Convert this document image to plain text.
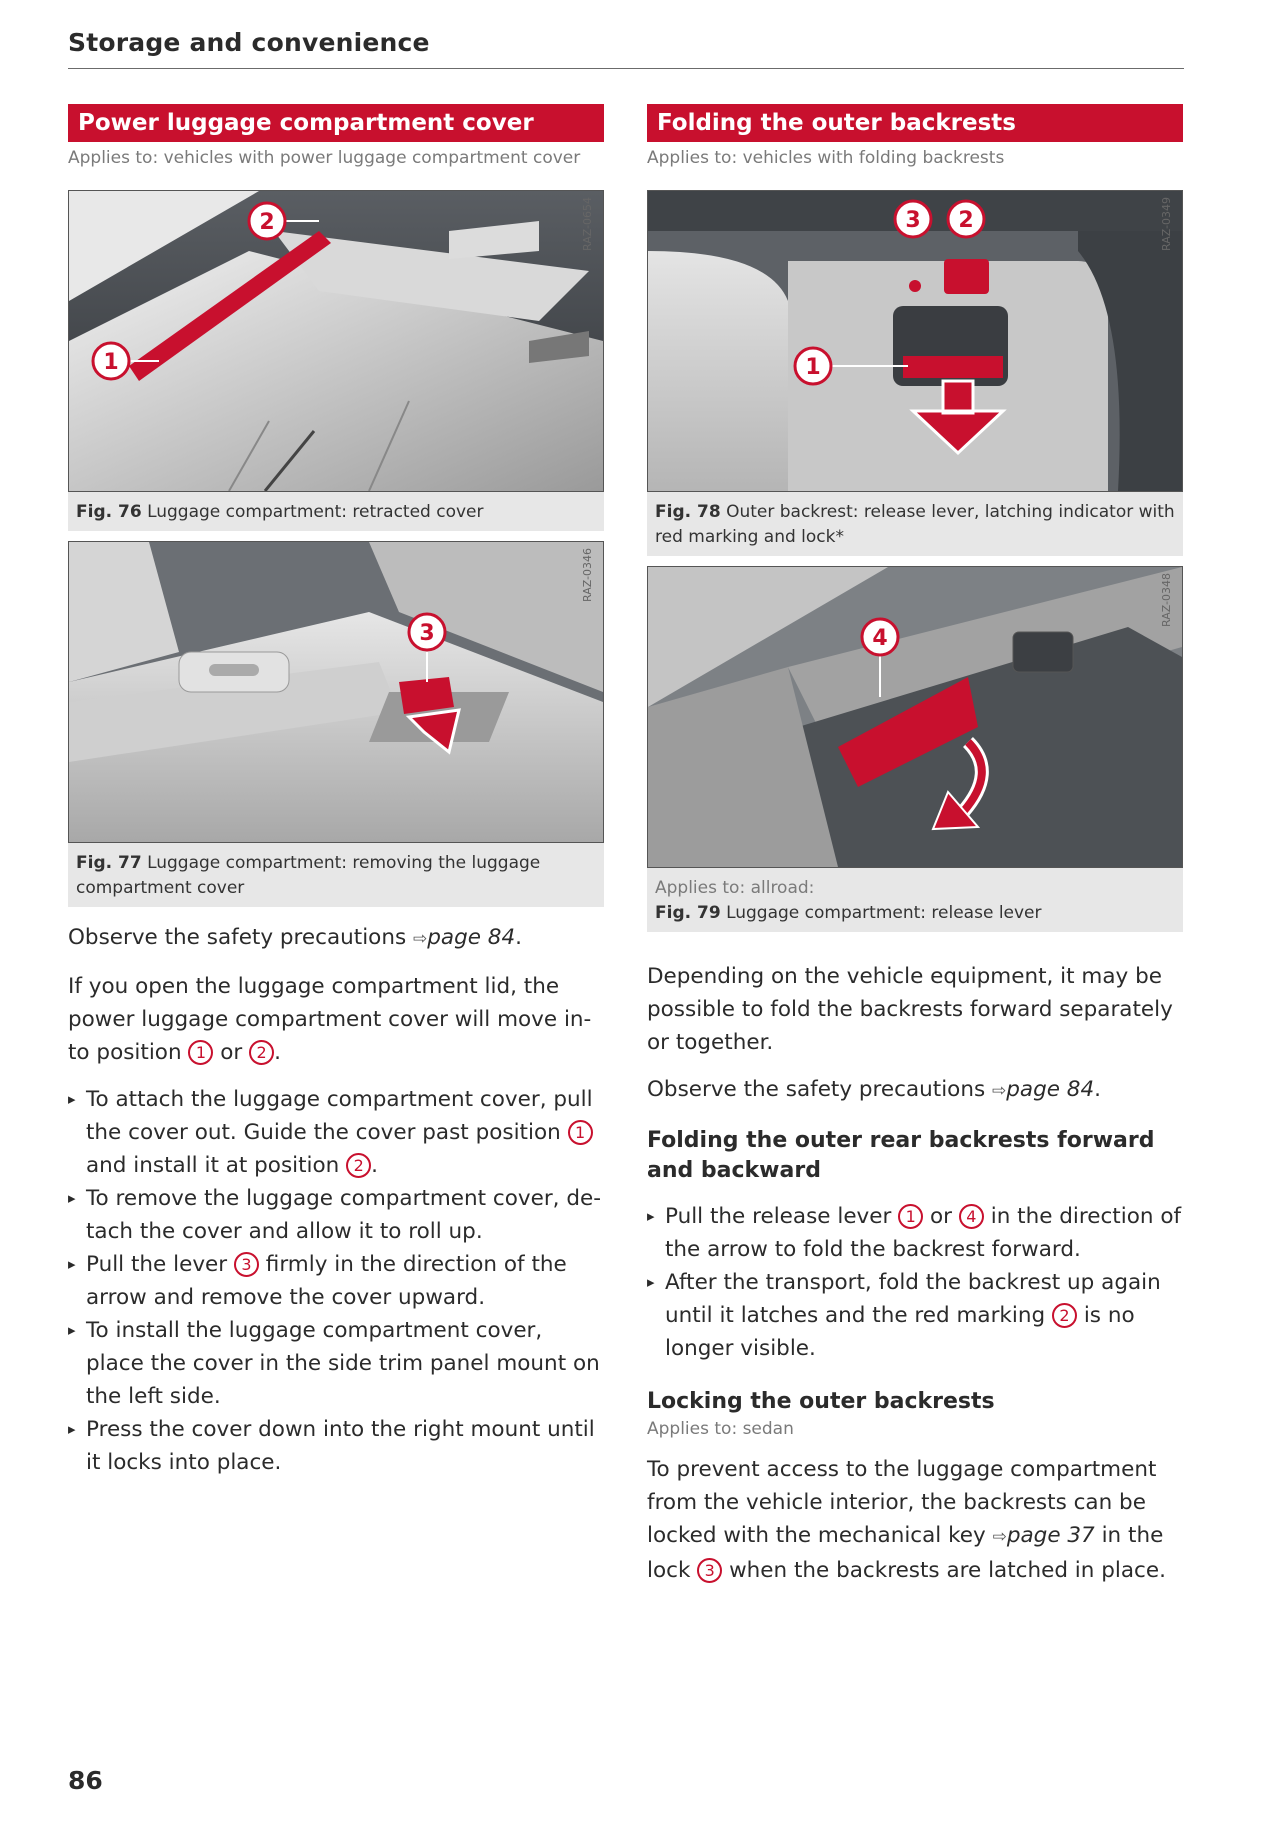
Storage and convenience
Power luggage compartment cover
Applies to: vehicles with power luggage compartment cover
RAZ-0654
1
2
Fig. 76 Luggage compartment: retracted cover
RAZ-0346
3
Fig. 77 Luggage compartment: removing the luggage compartment cover

Observe the safety precautions ⇨page 84.

If you open the luggage compartment lid, the power luggage compartment cover will move in-to position 1 or 2 .

▸ To attach the luggage compartment cover, pull the cover out. Guide the cover past position 1 and install it at position 2 .
▸ To remove the luggage compartment cover, de-tach the cover and allow it to roll up.
▸ Pull the lever 3 firmly in the direction of the arrow and remove the cover upward.
▸ To install the luggage compartment cover, place the cover in the side trim panel mount on the left side.
▸ Press the cover down into the right mount until it locks into place.
Folding the outer backrests
Applies to: vehicles with folding backrests
RAZ-0349
1
3 2
Fig. 78 Outer backrest: release lever, latching indicator with red marking and lock*
RAZ-0348
4
Applies to: allroad:
Fig. 79 Luggage compartment: release lever

Depending on the vehicle equipment, it may be possible to fold the backrests forward separately or together.

Observe the safety precautions ⇨page 84.

Folding the outer rear backrests forward and backward
▸ Pull the release lever 1 or 4 in the direction of the arrow to fold the backrest forward.
▸ After the transport, fold the backrest up again until it latches and the red marking 2 is no longer visible.
Locking the outer backrests
Applies to: sedan

To prevent access to the luggage compartment from the vehicle interior, the backrests can be locked with the mechanical key ⇨page 37 in the lock 3 when the backrests are latched in place.

86
